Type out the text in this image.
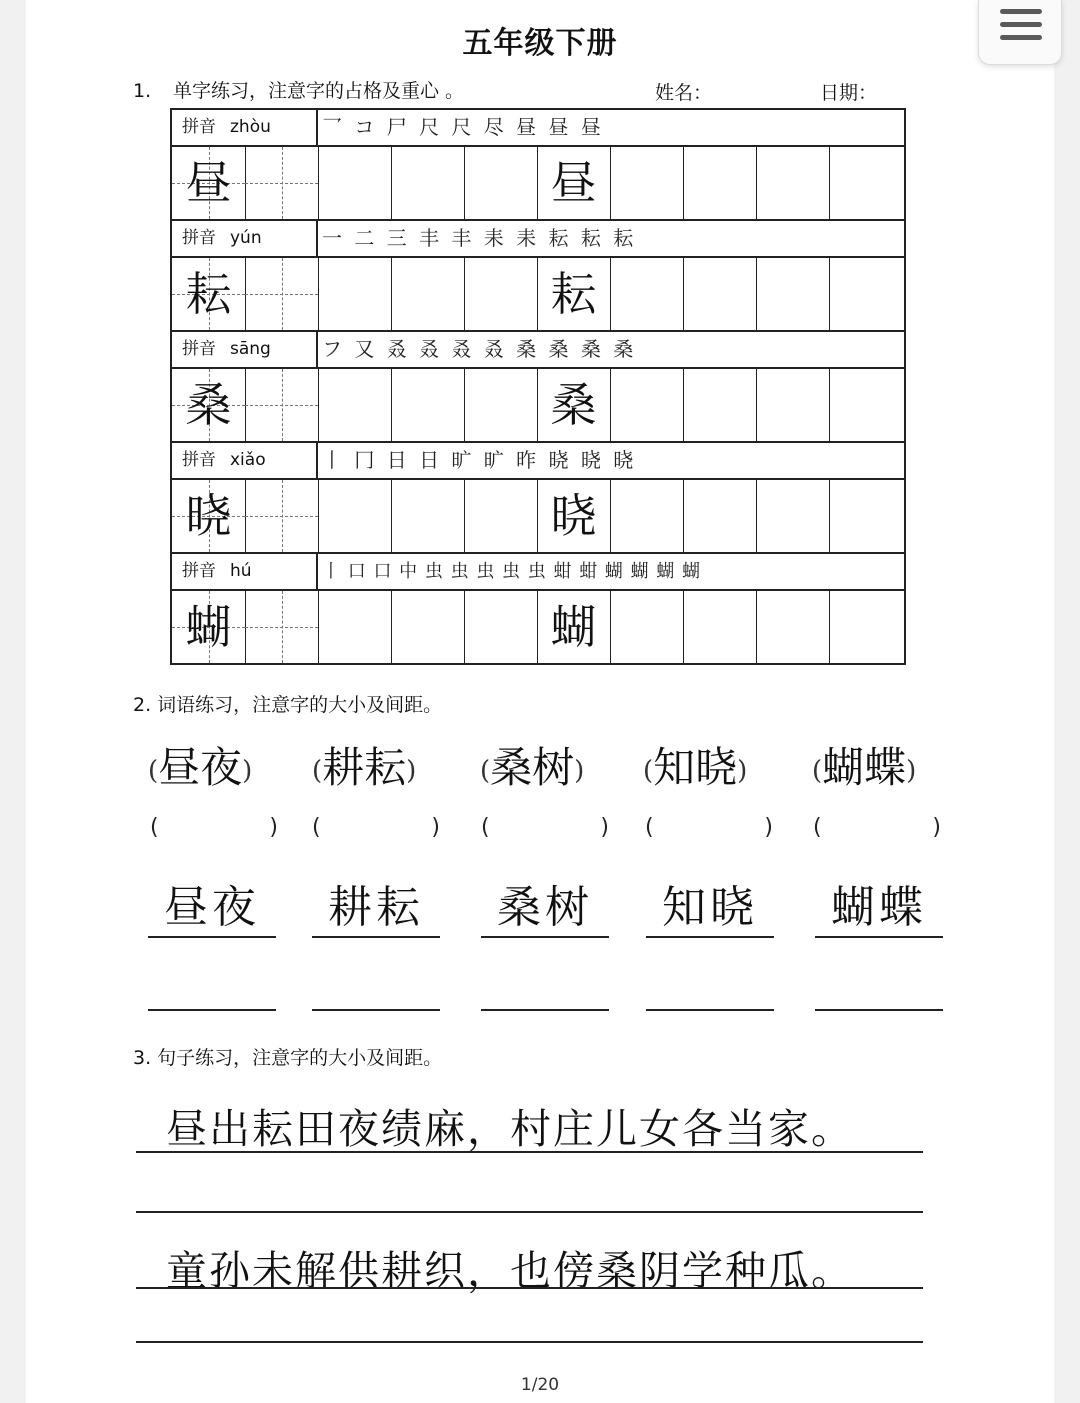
五年级下册
1. 单字练习，注意字的占格及重心 。	姓名：	日期：
拼音 zhòu	乛 コ 尸 尺 尺 尽 昼 昼 昼
昼	昼
拼音 yún	一 二 三 丰 丰 耒 耒 耘 耘 耘
耘	耘
拼音 sāng	フ 又 叒 叒 叒 叒 桑 桑 桑 桑
桑	桑
拼音 xiǎo	丨 冂 日 日 旷 旷 昨 晓 晓 晓
晓	晓
拼音 hú	丨 口 口 中 虫 虫 虫 虫 虫 蚶 蚶 蝴 蝴 蝴 蝴
蝴	蝴
2. 词语练习，注意字的大小及间距。
(昼夜) (耕耘) (桑树) (知晓) (蝴蝶)
(	) (	) (	) (	) (	)
昼夜	耕耘	桑树	知晓	蝴蝶
3. 句子练习，注意字的大小及间距。
昼出耘田夜绩麻，村庄儿女各当家。
童孙未解供耕织，也傍桑阴学种瓜。
1/20
